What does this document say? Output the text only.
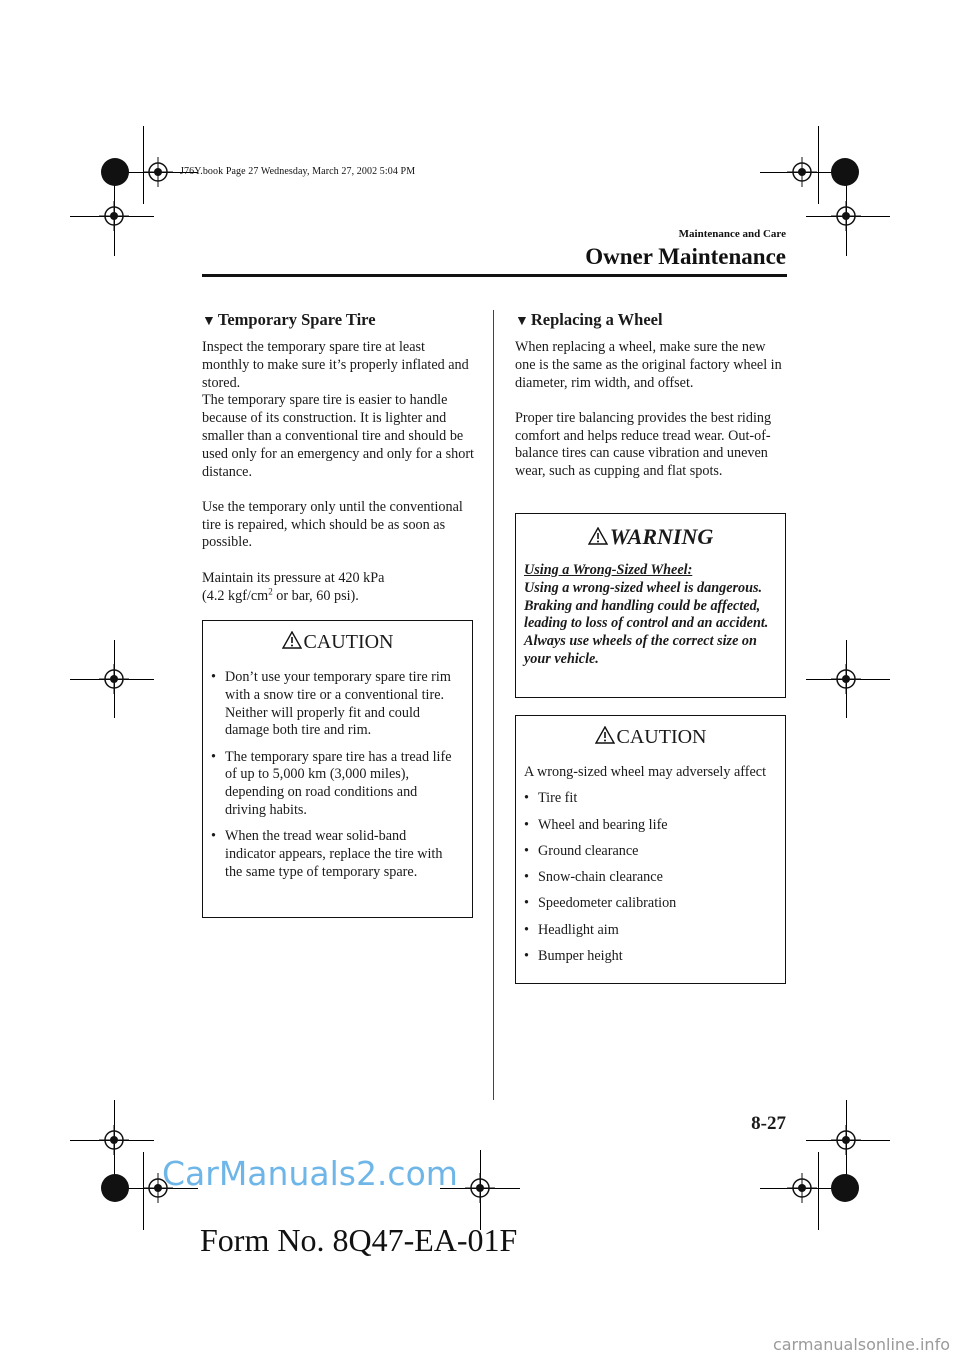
J76Y.book Page 27 Wednesday, March 27, 2002 5:04 PM
Maintenance and Care
Owner Maintenance
▼ Temporary Spare Tire
Inspect the temporary spare tire at least monthly to make sure it’s properly inflated and stored.
The temporary spare tire is easier to handle because of its construction. It is lighter and smaller than a conventional tire and should be used only for an emergency and only for a short distance.
Use the temporary only until the conventional tire is repaired, which should be as soon as possible.
Maintain its pressure at 420 kPa
(4.2 kgf/$cm^2$ or bar, 60 psi).
CAUTION
• Don’t use your temporary spare tire rim with a snow tire or a conventional tire. Neither will properly fit and could damage both tire and rim.
• The temporary spare tire has a tread life of up to 5,000 km (3,000 miles), depending on road conditions and driving habits.
• When the tread wear solid-band indicator appears, replace the tire with the same type of temporary spare.
▼ Replacing a Wheel
When replacing a wheel, make sure the new one is the same as the original factory wheel in diameter, rim width, and offset.
Proper tire balancing provides the best riding comfort and helps reduce tread wear. Out-of-balance tires can cause vibration and uneven wear, such as cupping and flat spots.
WARNING
Using a Wrong-Sized Wheel:
Using a wrong-sized wheel is dangerous. Braking and handling could be affected, leading to loss of control and an accident. Always use wheels of the correct size on your vehicle.
CAUTION
A wrong-sized wheel may adversely affect
• Tire fit
• Wheel and bearing life
• Ground clearance
• Snow-chain clearance
• Speedometer calibration
• Headlight aim
• Bumper height
8-27
CarManuals2.com
Form No. 8Q47-EA-01F
carmanualsonline.info
